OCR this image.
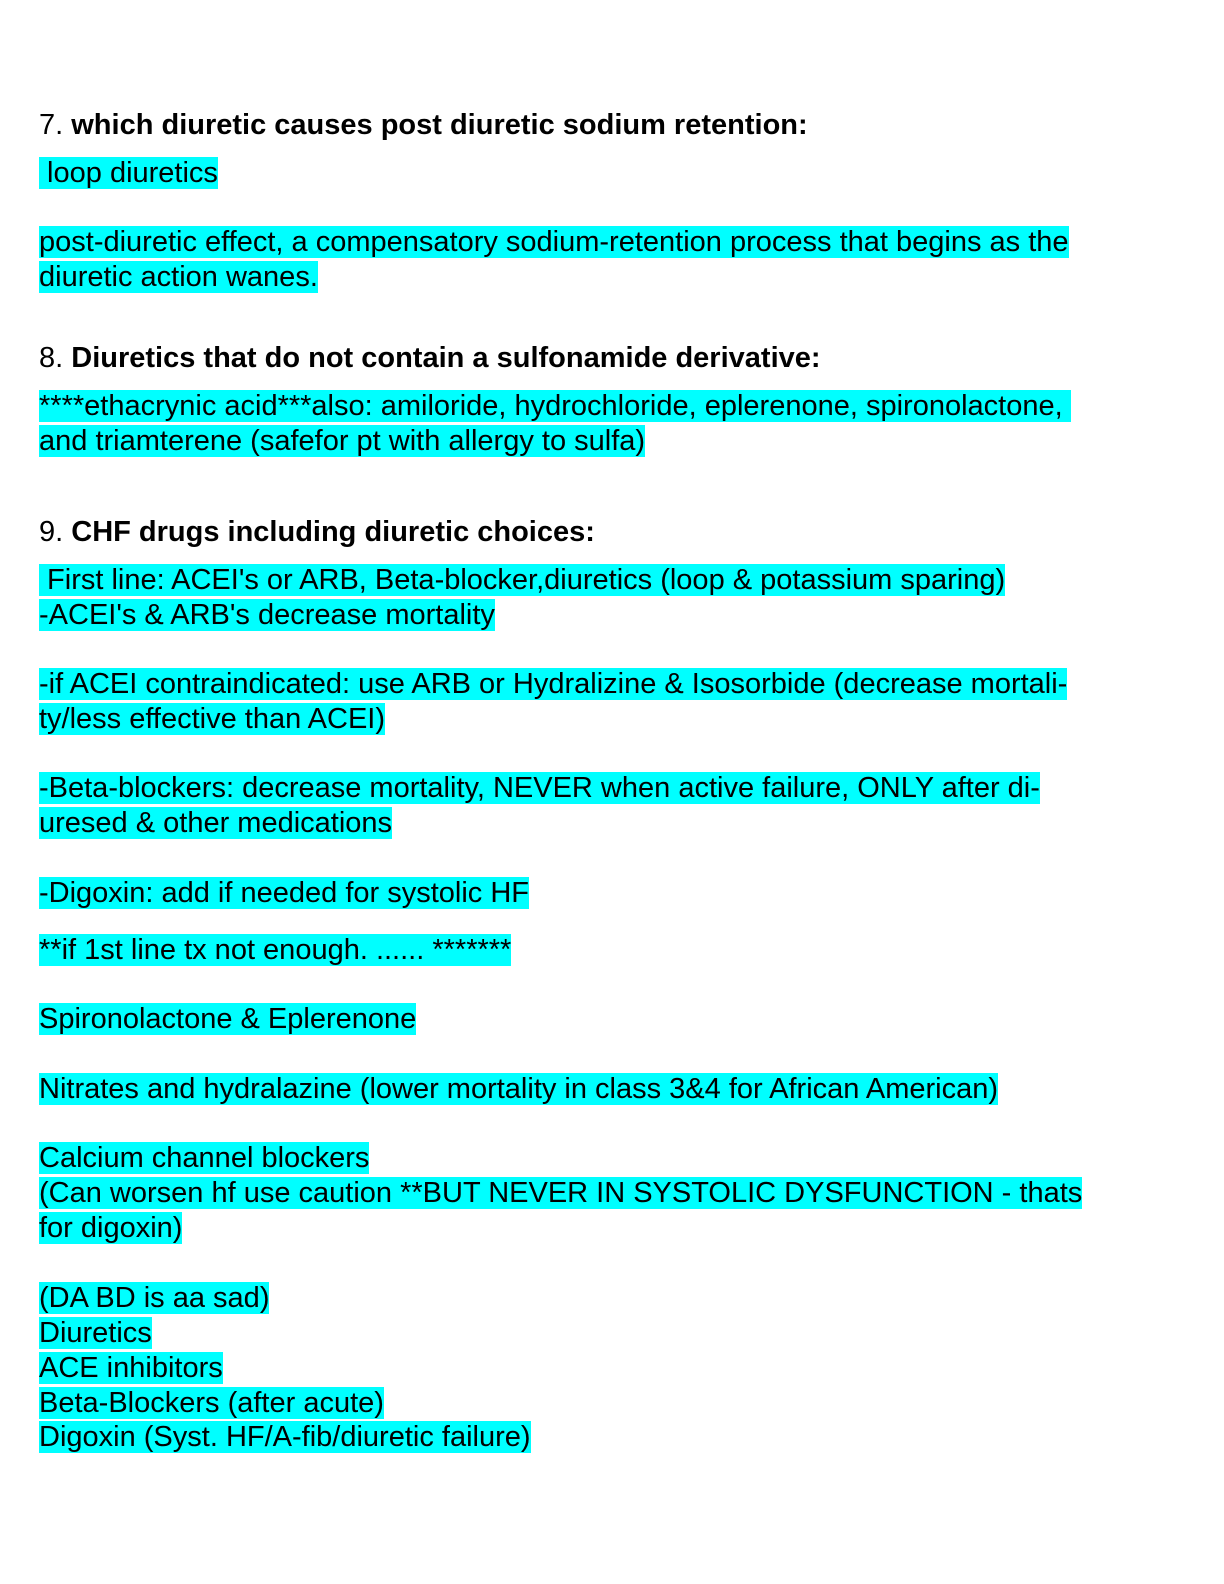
7. which diuretic causes post diuretic sodium retention:
loop diuretics
post-diuretic effect, a compensatory sodium-retention process that begins as the
diuretic action wanes.
8. Diuretics that do not contain a sulfonamide derivative:
****ethacrynic acid***also: amiloride, hydrochloride, eplerenone, spironolactone,
and triamterene (safefor pt with allergy to sulfa)
9. CHF drugs including diuretic choices:
First line: ACEI's or ARB, Beta-blocker,diuretics (loop & potassium sparing)
-ACEI's & ARB's decrease mortality
-if ACEI contraindicated: use ARB or Hydralizine & Isosorbide (decrease mortali-
ty/less effective than ACEI)
-Beta-blockers: decrease mortality, NEVER when active failure, ONLY after di-
uresed & other medications
-Digoxin: add if needed for systolic HF
**if 1st line tx not enough. ...... *******
Spironolactone & Eplerenone
Nitrates and hydralazine (lower mortality in class 3&4 for African American)
Calcium channel blockers
(Can worsen hf use caution **BUT NEVER IN SYSTOLIC DYSFUNCTION - thats
for digoxin)
(DA BD is aa sad)
Diuretics
ACE inhibitors
Beta-Blockers (after acute)
Digoxin (Syst. HF/A-fib/diuretic failure)
